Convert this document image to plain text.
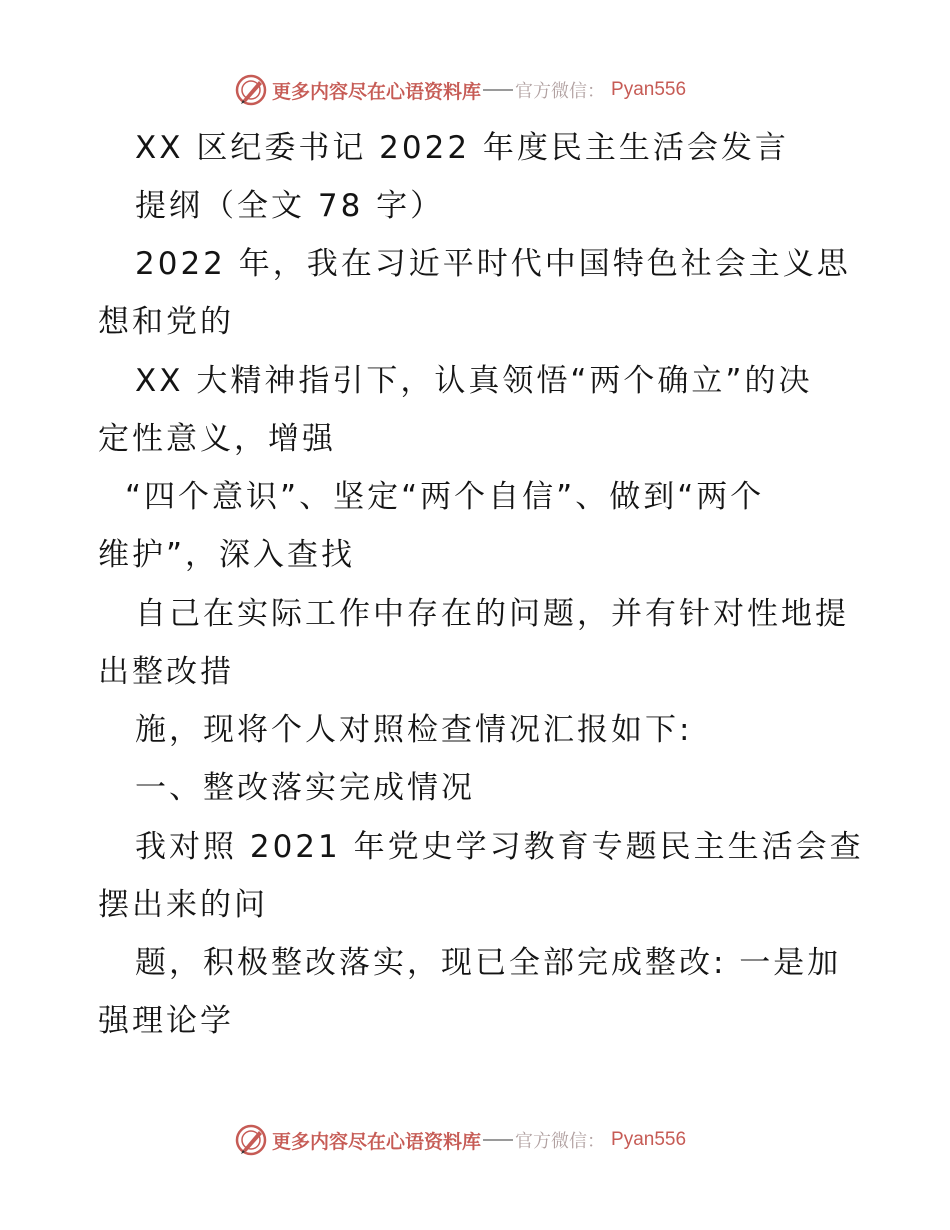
更多内容尽在心语资料库 官方微信： Pyan556
XX 区纪委书记 2022 年度民主生活会发言
提纲（全文 78 字）
2022 年，我在习近平时代中国特色社会主义思
想和党的
XX 大精神指引下，认真领悟“两个确立”的决
定性意义，增强
“四个意识”、坚定“两个自信”、做到“两个
维护”，深入查找
自己在实际工作中存在的问题，并有针对性地提
出整改措
施，现将个人对照检查情况汇报如下:
一、整改落实完成情况
我对照 2021 年党史学习教育专题民主生活会查
摆出来的问
题，积极整改落实，现已全部完成整改: 一是加
强理论学
更多内容尽在心语资料库 官方微信： Pyan556
